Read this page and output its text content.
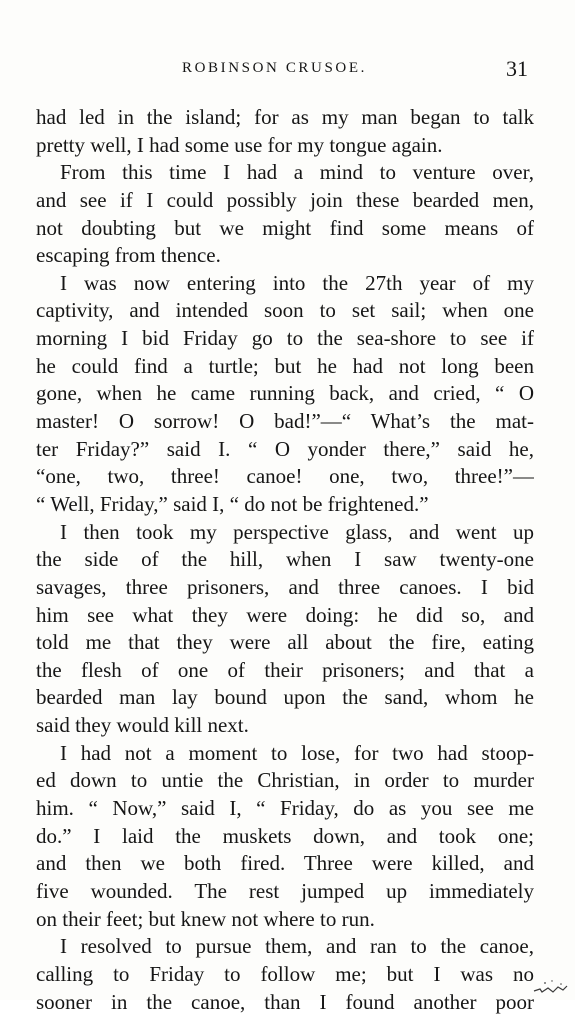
ROBINSON CRUSOE.	31
had led in the island; for as my man began to talk
pretty well, I had some use for my tongue again.
From this time I had a mind to venture over,
and see if I could possibly join these bearded men,
not doubting but we might find some means of
escaping from thence.
I was now entering into the 27th year of my
captivity, and intended soon to set sail; when one
morning I bid Friday go to the sea-shore to see if
he could find a turtle; but he had not long been
gone, when he came running back, and cried, “ O
master! O sorrow! O bad!”—“ What’s the mat-
ter Friday?” said I. “ O yonder there,” said he,
“one, two, three! canoe! one, two, three!”—
“ Well, Friday,” said I, “ do not be frightened.”
I then took my perspective glass, and went up
the side of the hill, when I saw twenty-one
savages, three prisoners, and three canoes. I bid
him see what they were doing: he did so, and
told me that they were all about the fire, eating
the flesh of one of their prisoners; and that a
bearded man lay bound upon the sand, whom he
said they would kill next.
I had not a moment to lose, for two had stoop-
ed down to untie the Christian, in order to murder
him. “ Now,” said I, “ Friday, do as you see me
do.” I laid the muskets down, and took one;
and then we both fired. Three were killed, and
five wounded. The rest jumped up immediately
on their feet; but knew not where to run.
I resolved to pursue them, and ran to the canoe,
calling to Friday to follow me; but I was no
sooner in the canoe, than I found another poor
